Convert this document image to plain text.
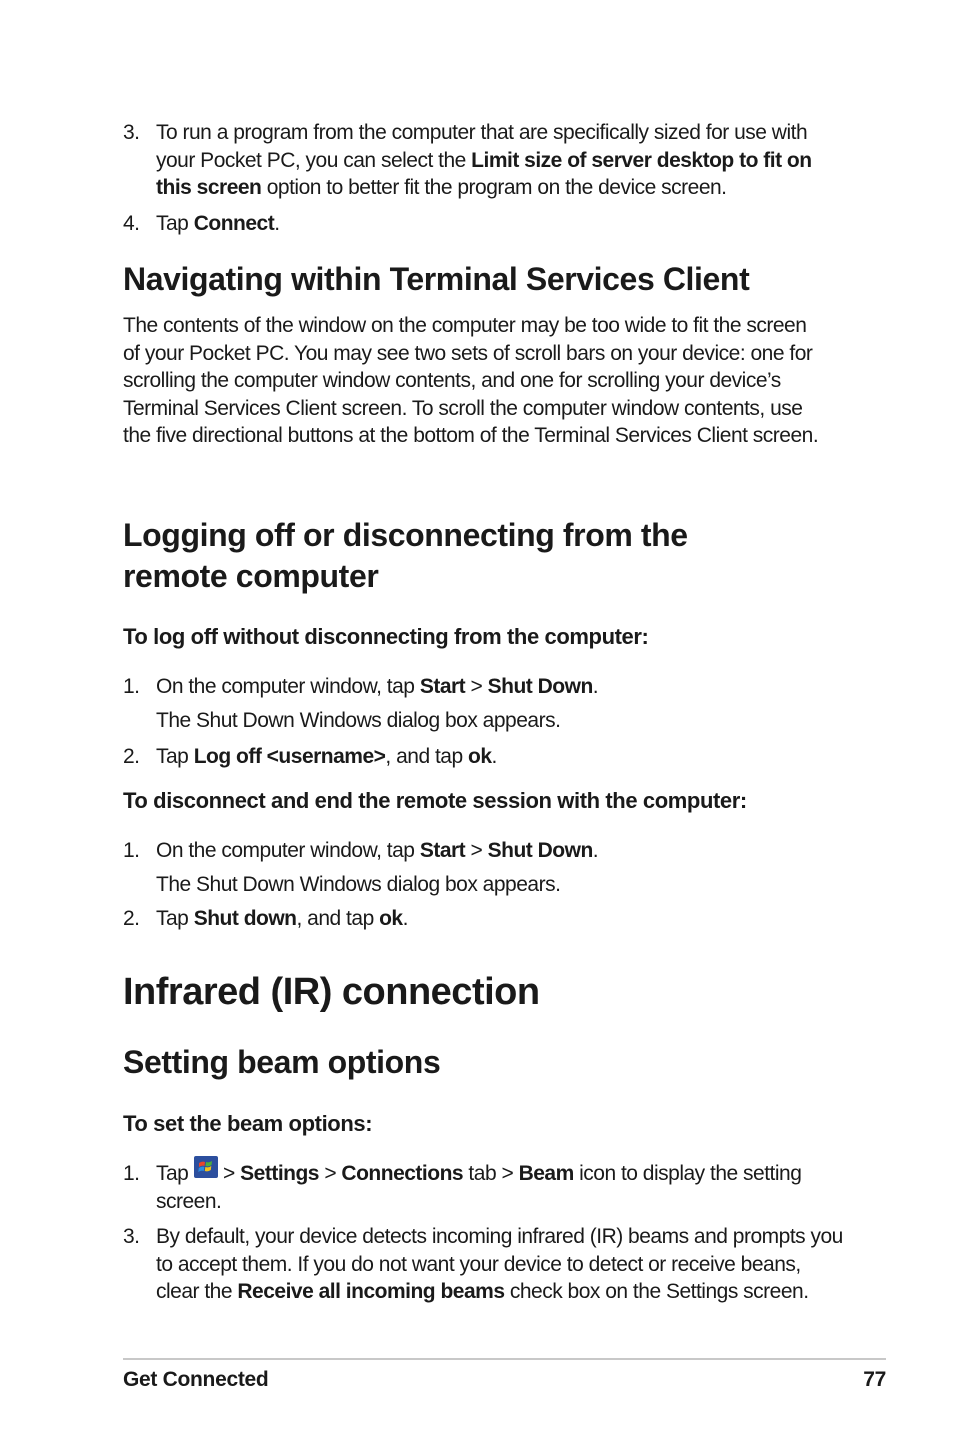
3. To run a program from the computer that are specifically sized for use with your Pocket PC, you can select the Limit size of server desktop to fit on this screen option to better fit the program on the device screen.
4. Tap Connect.
Navigating within Terminal Services Client
The contents of the window on the computer may be too wide to fit the screen of your Pocket PC. You may see two sets of scroll bars on your device: one for scrolling the computer window contents, and one for scrolling your device’s Terminal Services Client screen. To scroll the computer window contents, use the five directional buttons at the bottom of the Terminal Services Client screen.
Logging off or disconnecting from the remote computer
To log off without disconnecting from the computer:
1. On the computer window, tap Start > Shut Down.
The Shut Down Windows dialog box appears.
2. Tap Log off <username>, and tap ok.
To disconnect and end the remote session with the computer:
1. On the computer window, tap Start > Shut Down.
The Shut Down Windows dialog box appears.
2. Tap Shut down, and tap ok.
Infrared (IR) connection
Setting beam options
To set the beam options:
1. Tap
> Settings > Connections tab > Beam icon to display the setting screen.
3. By default, your device detects incoming infrared (IR) beams and prompts you to accept them. If you do not want your device to detect or receive beans, clear the Receive all incoming beams check box on the Settings screen.
Get Connected	77
